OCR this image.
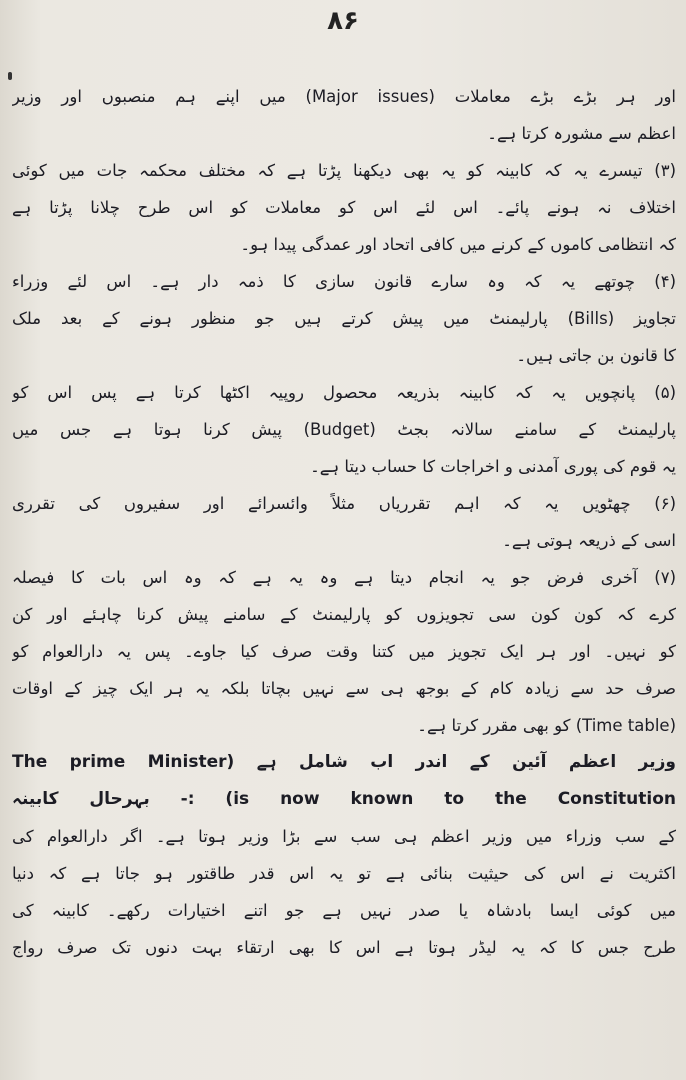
۸۶
اور ہر بڑے بڑے معاملات (Major issues) میں اپنے ہم منصبوں اور وزیر
اعظم سے مشورہ کرتا ہے۔
(۳) تیسرے یہ کہ کابینہ کو یہ بھی دیکھنا پڑتا ہے کہ مختلف محکمہ جات میں کوئی
اختلاف نہ ہونے پائے۔ اس لئے اس کو معاملات کو اس طرح چلانا پڑتا ہے
کہ انتظامی کاموں کے کرنے میں کافی اتحاد اور عمدگی پیدا ہو۔
(۴) چوتھے یہ کہ وہ سارے قانون سازی کا ذمہ دار ہے۔ اس لئے وزراء
تجاویز (Bills) پارلیمنٹ میں پیش کرتے ہیں جو منظور ہونے کے بعد ملک
کا قانون بن جاتی ہیں۔
(۵) پانچویں یہ کہ کابینہ بذریعہ محصول روپیہ اکٹھا کرتا ہے پس اس کو
پارلیمنٹ کے سامنے سالانہ بجٹ (Budget) پیش کرنا ہوتا ہے جس میں
یہ قوم کی پوری آمدنی و اخراجات کا حساب دیتا ہے۔
(۶) چھٹویں یہ کہ اہم تقرریاں مثلاً وائسرائے اور سفیروں کی تقرری
اسی کے ذریعہ ہوتی ہے۔
(۷) آخری فرض جو یہ انجام دیتا ہے وہ یہ ہے کہ وہ اس بات کا فیصلہ
کرے کہ کون کون سی تجویزوں کو پارلیمنٹ کے سامنے پیش کرنا چاہئے اور کن
کو نہیں۔ اور ہر ایک تجویز میں کتنا وقت صرف کیا جاوے۔ پس یہ دارالعوام کو
صرف حد سے زیادہ کام کے بوجھ ہی سے نہیں بچاتا بلکہ یہ ہر ایک چیز کے اوقات
(Time table) کو بھی مقرر کرتا ہے۔
وزیر اعظم آئین کے اندر اب شامل ہے (The prime Minister
is now known to the Constitution) :- بہرحال کابینہ
کے سب وزراء میں وزیر اعظم ہی سب سے بڑا وزیر ہوتا ہے۔ اگر دارالعوام کی
اکثریت نے اس کی حیثیت بنائی ہے تو یہ اس قدر طاقتور ہو جاتا ہے کہ دنیا
میں کوئی ایسا بادشاہ یا صدر نہیں ہے جو اتنے اختیارات رکھے۔ کابینہ کی
طرح جس کا کہ یہ لیڈر ہوتا ہے اس کا بھی ارتقاء بہت دنوں تک صرف رواج
